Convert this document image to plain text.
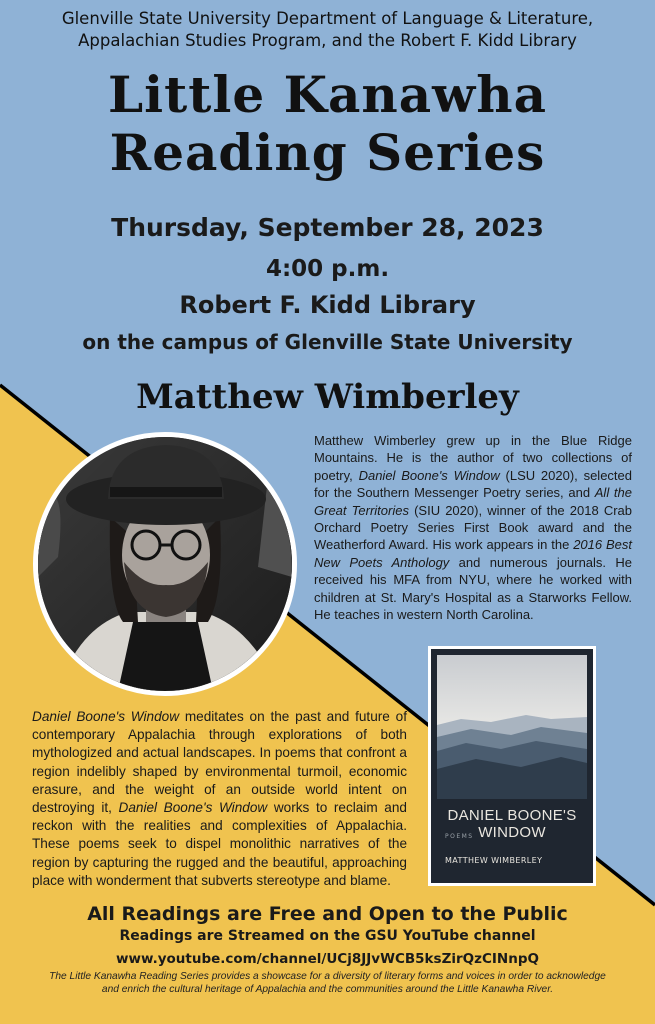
Glenville State University Department of Language & Literature,
Appalachian Studies Program, and the Robert F. Kidd Library
Little Kanawha
Reading Series
Thursday, September 28, 2023
4:00 p.m.
Robert F. Kidd Library
on the campus of Glenville State University
Matthew Wimberley
Matthew Wimberley grew up in the Blue Ridge Mountains. He is the author of two collections of poetry, Daniel Boone's Window (LSU 2020), selected for the Southern Messenger Poetry series, and All the Great Territories (SIU 2020), winner of the 2018 Crab Orchard Poetry Series First Book award and the Weatherford Award. His work appears in the 2016 Best New Poets Anthology and numerous journals. He received his MFA from NYU, where he worked with children at St. Mary's Hospital as a Starworks Fellow. He teaches in western North Carolina.
DANIEL BOONE'S WINDOW
POEMS
MATTHEW WIMBERLEY
Daniel Boone's Window meditates on the past and future of contemporary Appalachia through explorations of both mythologized and actual landscapes. In poems that confront a region indelibly shaped by environmental turmoil, economic erasure, and the weight of an outside world intent on destroying it, Daniel Boone's Window works to reclaim and reckon with the realities and complexities of Appalachia. These poems seek to dispel monolithic narratives of the region by capturing the rugged and the beautiful, approaching place with wonderment that subverts stereotype and blame.
All Readings are Free and Open to the Public
Readings are Streamed on the GSU YouTube channel
www.youtube.com/channel/UCj8JJvWCB5ksZirQzCINnpQ
The Little Kanawha Reading Series provides a showcase for a diversity of literary forms and voices in order to acknowledge and enrich the cultural heritage of Appalachia and the communities around the Little Kanawha River.
